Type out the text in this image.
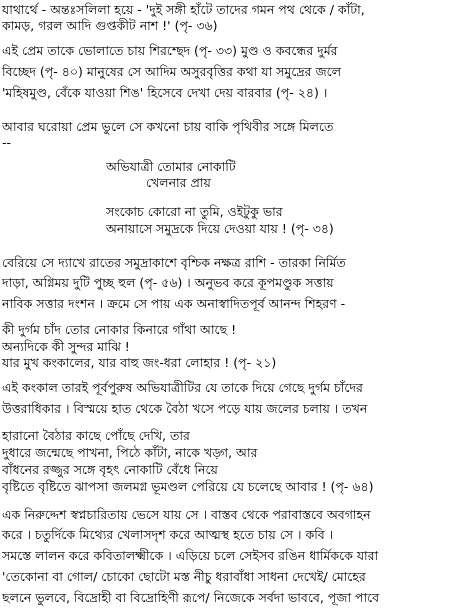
যাথার্থে - অন্তঃসলিলা হয়ে - 'দুই সঙ্গী হাঁটে তাদের গমন পথ থেকে / কাঁটা,
কামড়, গরল আদি গুপ্তকীট নাশ !' (পৃ- ৩৬)
এই প্রেম তাকে ভোলাতে চায় শিরশ্ছেদ (পৃ- ৩৩) মুণ্ড ও কবন্ধের দুর্মর
বিচ্ছেদ (পৃ- ৪০) মানুষের সে আদিম অসুরবৃত্তির কথা যা সমুদ্রের জলে
'মহিষমুণ্ড, বেঁকে যাওয়া শিঙ' হিসেবে দেখা দেয় বারবার (পৃ- ২৪) ।
আবার ঘরোয়া প্রেম ভুলে সে কখনো চায় বাকি পৃথিবীর সঙ্গে মিলতে
--
অভিযাত্রী তোমার নোকাটি
খেলনার প্রায়
সংকোচ কোরো না তুমি, ওইটুকু ভার
অনায়াসে সমুদ্রকে দিয়ে দেওয়া যায় ! (পৃ- ৩৪)
বেরিয়ে সে দ্যাখে রাতের সমুদ্রাকাশে বৃশ্চিক নক্ষত্র রাশি - তারকা নির্মিত
দাড়া, অগ্নিময় দুটি পুচ্ছ হুল (পৃ- ৫৬) । অনুভব করে কূপমণ্ডুক সত্তায়
নাবিক সত্তার দংশন । ক্রমে সে পায় এক অনাস্বাদিতপূর্ব আনন্দ শিহরণ -
কী দুর্গম চাঁদ তোর নোকার কিনারে গাঁথা আছে !
অন্যদিকে কী সুন্দর মাঝি !
যার মুখ কংকালের, যার বাহু জং-ধরা লোহার ! (পৃ- ২১)
এই কংকাল তারই পূর্বপুরুষ অভিযাত্রীটির যে তাকে দিয়ে গেছে দুর্গম চাঁদের
উত্তরাধিকার । বিস্ময়ে হাত থেকে বৈঠা খসে পড়ে যায় জলের চলায় । তখন
হারানো বৈঠার কাছে পোঁছে দেখি, তার
দুধারে জন্মেছে পাখনা, পিঠে কাঁটা, নাকে খড়্গ, আর
বাঁধনের রজ্জুর সঙ্গে বৃহৎ নোকাটি বেঁধে নিয়ে
বৃষ্টিতে বৃষ্টিতে ঝাপসা জলমগ্ন ভূমণ্ডল পেরিয়ে যে চলেছে আবার ! (পৃ- ৬৪)
এক নিরুদ্দেশ স্বপ্নচারিতায় ভেসে যায় সে । বাস্তব থেকে পরাবাস্তবে অবগাহন
করে । চতুর্দিকে মিথ্যের খেলাসদৃশ করে আত্মস্থ হতে চায় সে । কবি ।
সমস্তে লালন করে কবিতালক্ষ্মীকে । এড়িয়ে চলে সেইসব রঙিন ধার্মিককে যারা
'তেকোনা বা গোল/ চোকো ছোটো মস্ত নীচু ধরাবাঁধা সাধনা দেখেই/ মোহের
ছলনে ভুলবে, বিদ্রোহী বা বিদ্রোহিণী রূপে/ নিজেকে সর্বদা ভাববে, পূজা পাবে
